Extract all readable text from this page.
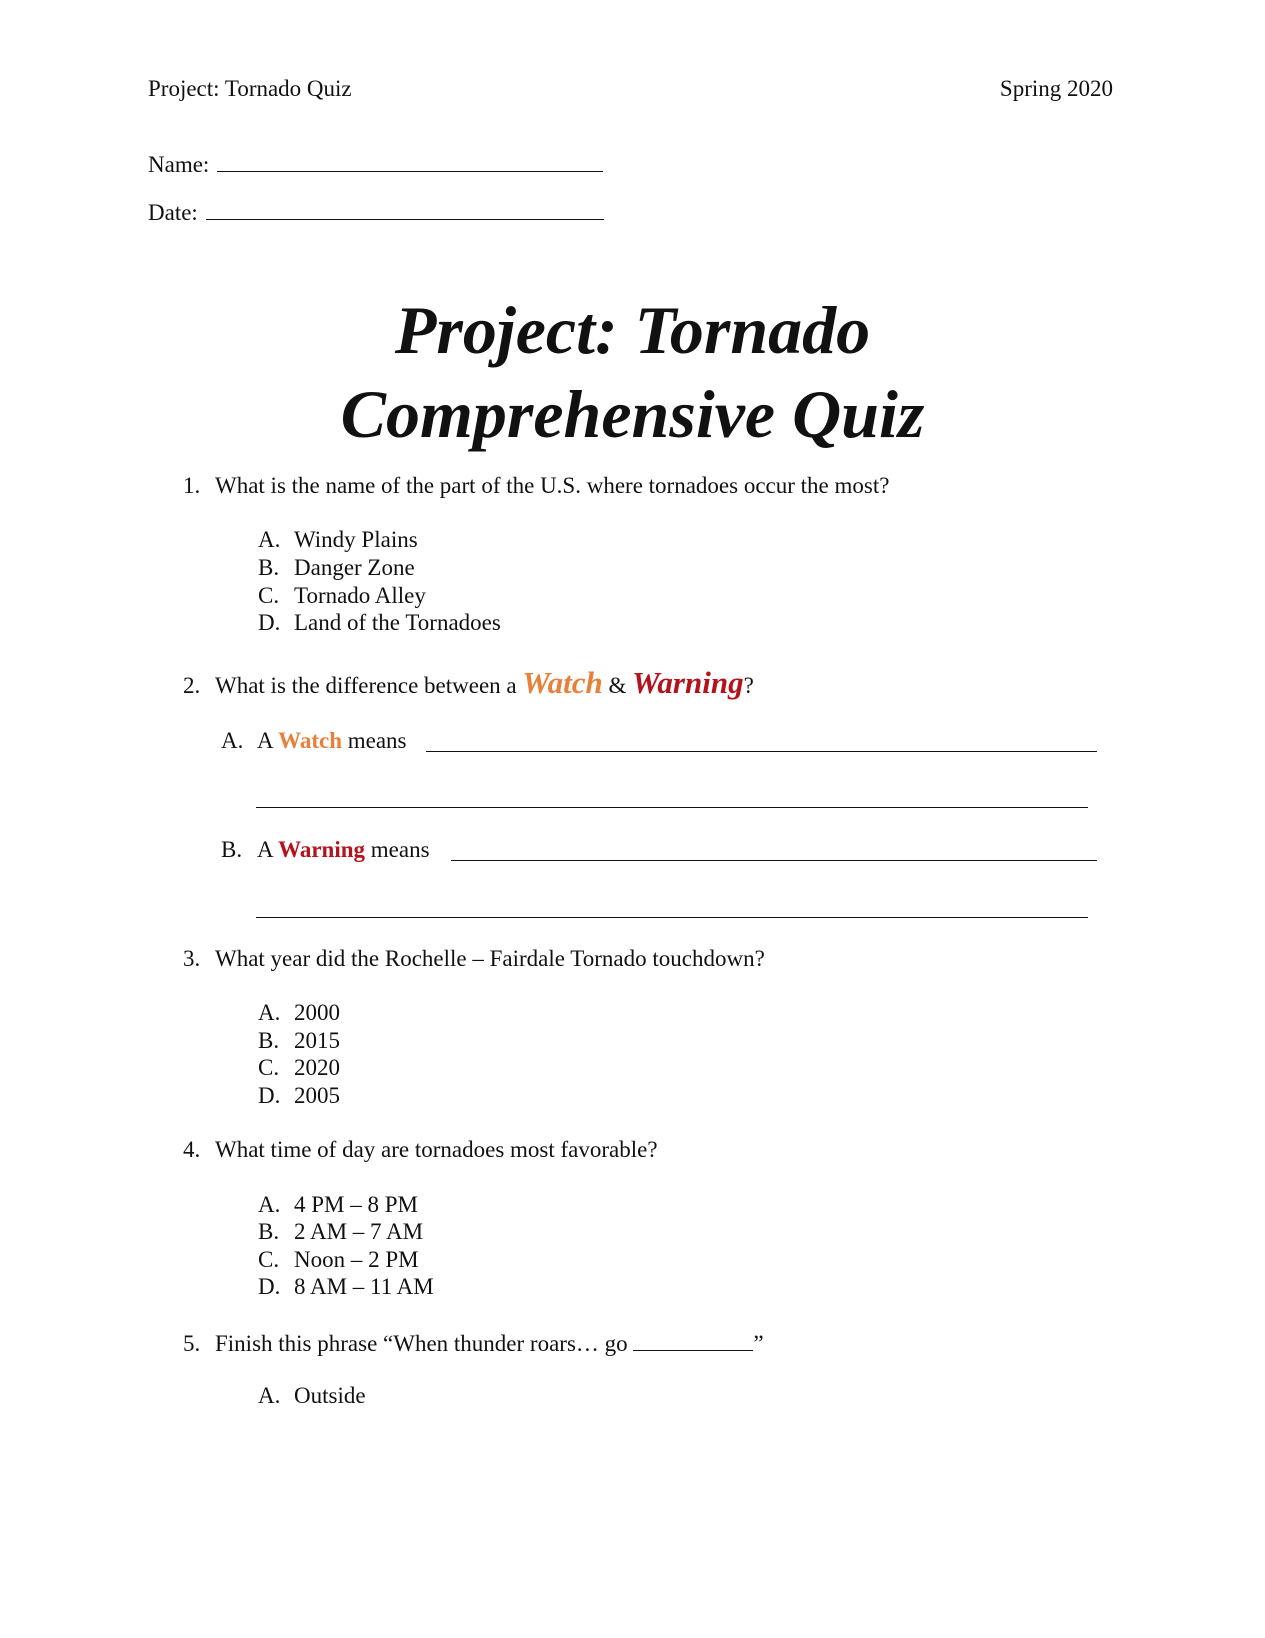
Project: Tornado Quiz	Spring 2020
Name:
Date:
Project: Tornado
Comprehensive Quiz
1. What is the name of the part of the U.S. where tornadoes occur the most?
A. Windy Plains
B. Danger Zone
C. Tornado Alley
D. Land of the Tornadoes
2. What is the difference between a Watch & Warning?
A. A Watch means
B. A Warning means
3. What year did the Rochelle – Fairdale Tornado touchdown?
A. 2000
B. 2015
C. 2020
D. 2005
4. What time of day are tornadoes most favorable?
A. 4 PM – 8 PM
B. 2 AM – 7 AM
C. Noon – 2 PM
D. 8 AM – 11 AM
5. Finish this phrase “When thunder roars… go	”
A. Outside
